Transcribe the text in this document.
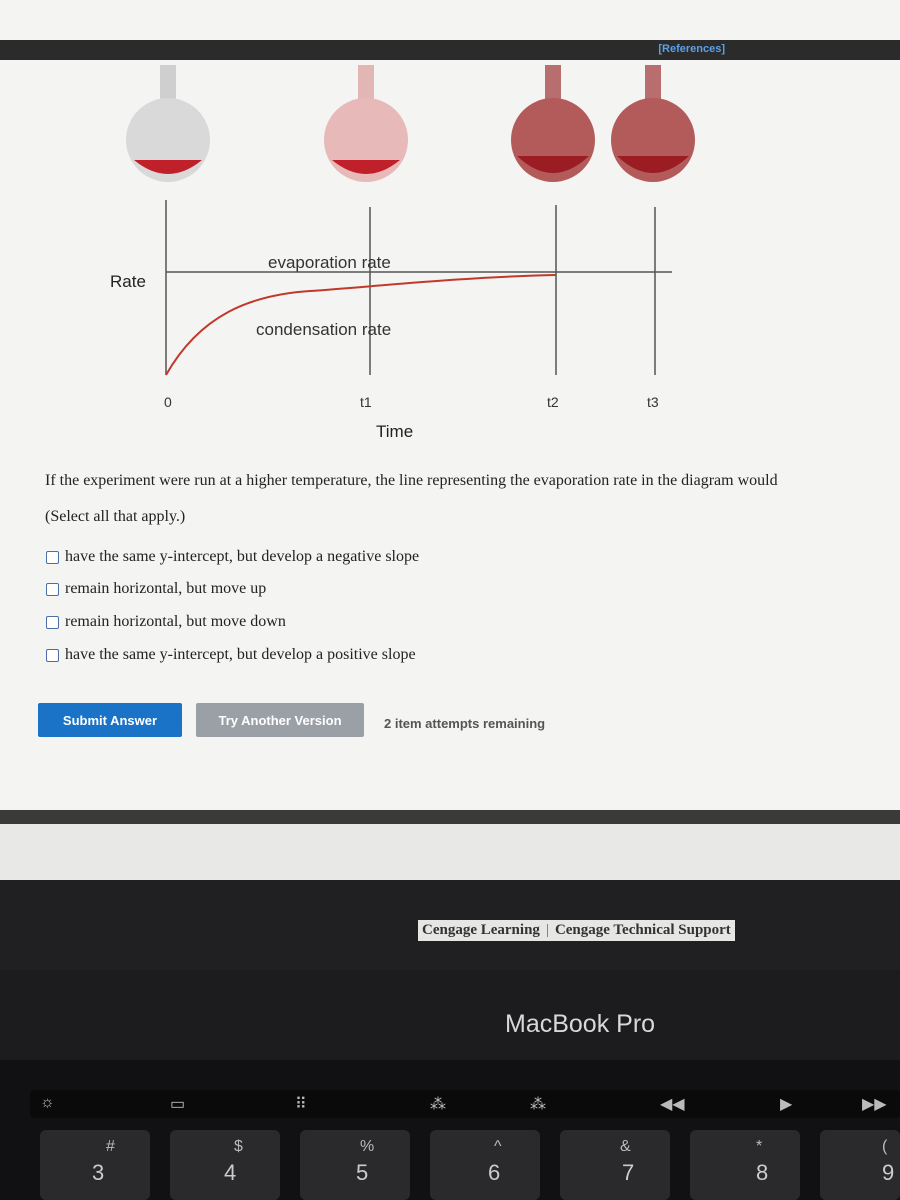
[References]
Rate
evaporation rate
condensation rate
0	t1	t2	t3
Time
If the experiment were run at a higher temperature, the line representing the evaporation rate in the diagram would
(Select all that apply.)
have the same y-intercept, but develop a negative slope
remain horizontal, but move up
remain horizontal, but move down
have the same y-intercept, but develop a positive slope
Submit Answer	Try Another Version	2 item attempts remaining
Cengage Learning | Cengage Technical Support
MacBook Pro
☼	▭	⠿	⁂	⁂	◀◀	▶	▶▶
#
3
$
4
%
5
^
6
&
7
*
8
(
9
